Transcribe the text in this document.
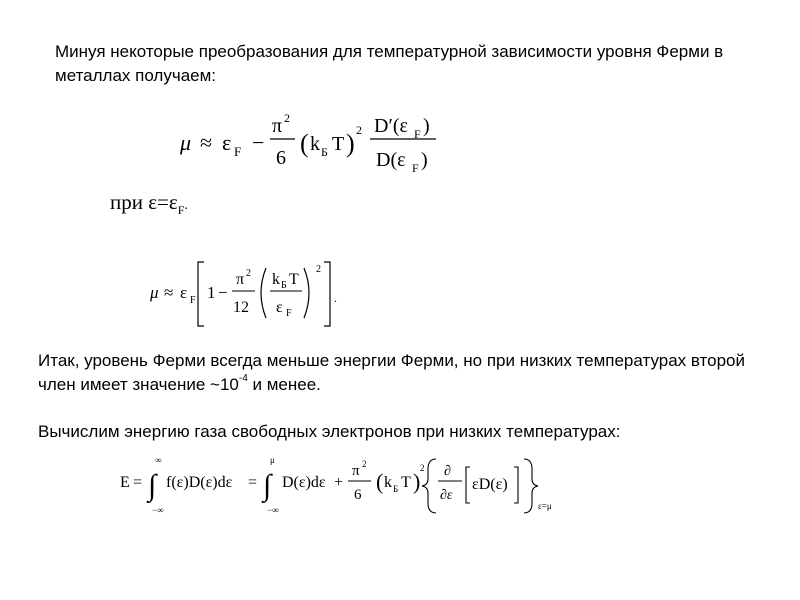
Минуя некоторые преобразования для температурной зависимости уровня Ферми в металлах получаем:

μ ≈ ε F −
π 2
6 ( k Б T ) 2 D′(ε F )
D(ε F )
при $\varepsilon=\varepsilon_F$.
μ ≈ ε F 1 −
π 2
12
k Б T
ε F
2
.

Итак, уровень Ферми всегда меньше энергии Ферми, но при низких температурах второй член имеет значение $\sim 10^{-4}$ и менее.

Вычислим энергию газа свободных электронов при низких температурах:

E = ∫
∞
−∞
f(ε)D(ε)dε = ∫
μ
−∞
D(ε)dε +
π 2
6
( k Б T )
2 ∂
∂ε
εD(ε)
ε=μ
